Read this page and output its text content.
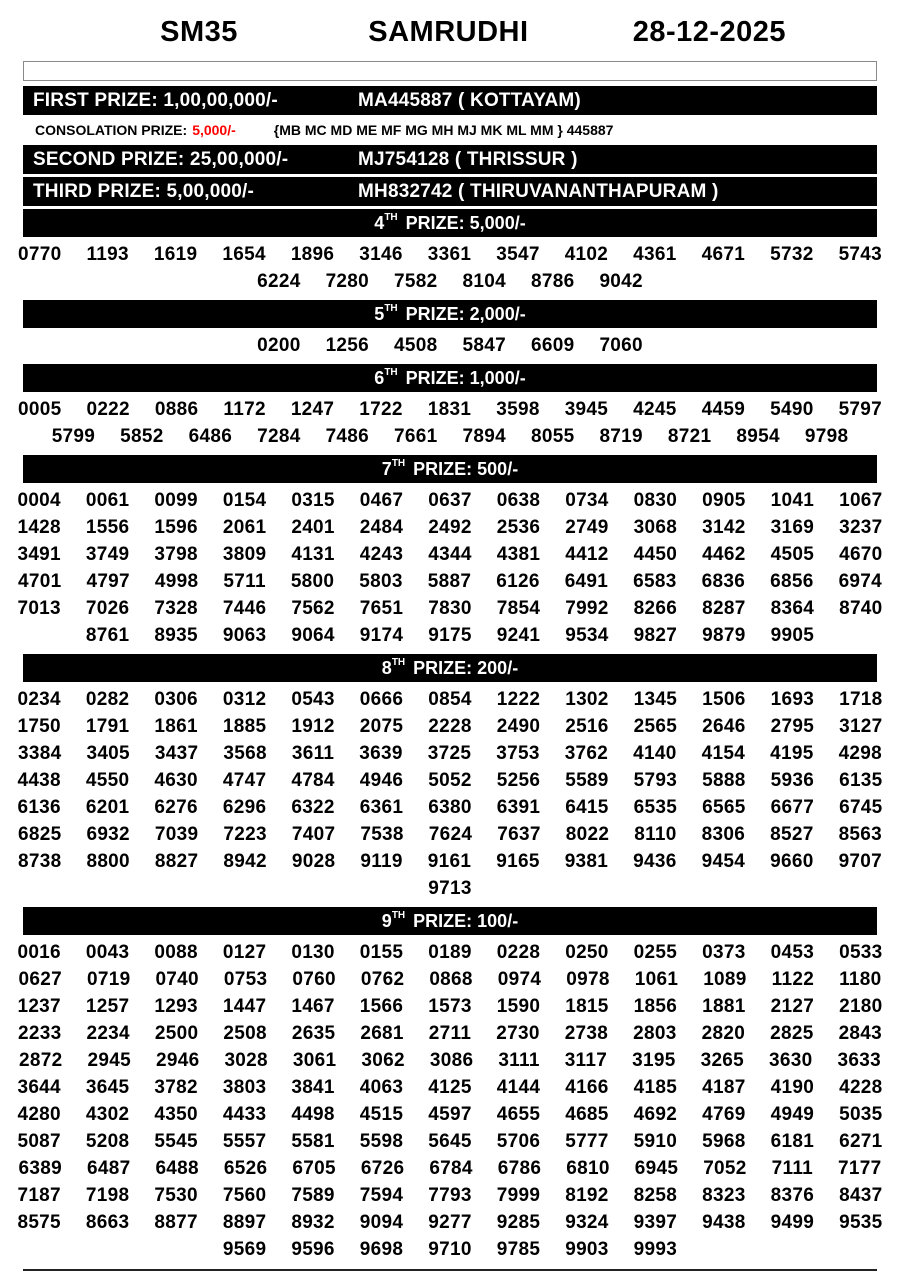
SM35	SAMRUDHI	28-12-2025
FIRST PRIZE: 1,00,00,000/-	MA445887 ( KOTTAYAM)
CONSOLATION PRIZE: 5,000/-	{MB MC MD ME MF MG MH MJ MK ML MM } 445887
SECOND PRIZE: 25,00,000/-	MJ754128 ( THRISSUR )
THIRD PRIZE: 5,00,000/-	MH832742 ( THIRUVANANTHAPURAM )
4TH PRIZE: 5,000/-
0770 1193 1619 1654 1896 3146 3361 3547 4102 4361 4671 5732 5743
6224 7280 7582 8104 8786 9042
5TH PRIZE: 2,000/-
0200 1256 4508 5847 6609 7060
6TH PRIZE: 1,000/-
0005 0222 0886 1172 1247 1722 1831 3598 3945 4245 4459 5490 5797
5799 5852 6486 7284 7486 7661 7894 8055 8719 8721 8954 9798
7TH PRIZE: 500/-
0004 0061 0099 0154 0315 0467 0637 0638 0734 0830 0905 1041 1067
1428 1556 1596 2061 2401 2484 2492 2536 2749 3068 3142 3169 3237
3491 3749 3798 3809 4131 4243 4344 4381 4412 4450 4462 4505 4670
4701 4797 4998 5711 5800 5803 5887 6126 6491 6583 6836 6856 6974
7013 7026 7328 7446 7562 7651 7830 7854 7992 8266 8287 8364 8740
8761 8935 9063 9064 9174 9175 9241 9534 9827 9879 9905
8TH PRIZE: 200/-
0234 0282 0306 0312 0543 0666 0854 1222 1302 1345 1506 1693 1718
1750 1791 1861 1885 1912 2075 2228 2490 2516 2565 2646 2795 3127
3384 3405 3437 3568 3611 3639 3725 3753 3762 4140 4154 4195 4298
4438 4550 4630 4747 4784 4946 5052 5256 5589 5793 5888 5936 6135
6136 6201 6276 6296 6322 6361 6380 6391 6415 6535 6565 6677 6745
6825 6932 7039 7223 7407 7538 7624 7637 8022 8110 8306 8527 8563
8738 8800 8827 8942 9028 9119 9161 9165 9381 9436 9454 9660 9707
9713
9TH PRIZE: 100/-
0016 0043 0088 0127 0130 0155 0189 0228 0250 0255 0373 0453 0533
0627 0719 0740 0753 0760 0762 0868 0974 0978 1061 1089 1122 1180
1237 1257 1293 1447 1467 1566 1573 1590 1815 1856 1881 2127 2180
2233 2234 2500 2508 2635 2681 2711 2730 2738 2803 2820 2825 2843
2872 2945 2946 3028 3061 3062 3086 3111 3117 3195 3265 3630 3633
3644 3645 3782 3803 3841 4063 4125 4144 4166 4185 4187 4190 4228
4280 4302 4350 4433 4498 4515 4597 4655 4685 4692 4769 4949 5035
5087 5208 5545 5557 5581 5598 5645 5706 5777 5910 5968 6181 6271
6389 6487 6488 6526 6705 6726 6784 6786 6810 6945 7052 7111 7177
7187 7198 7530 7560 7589 7594 7793 7999 8192 8258 8323 8376 8437
8575 8663 8877 8897 8932 9094 9277 9285 9324 9397 9438 9499 9535
9569 9596 9698 9710 9785 9903 9993
